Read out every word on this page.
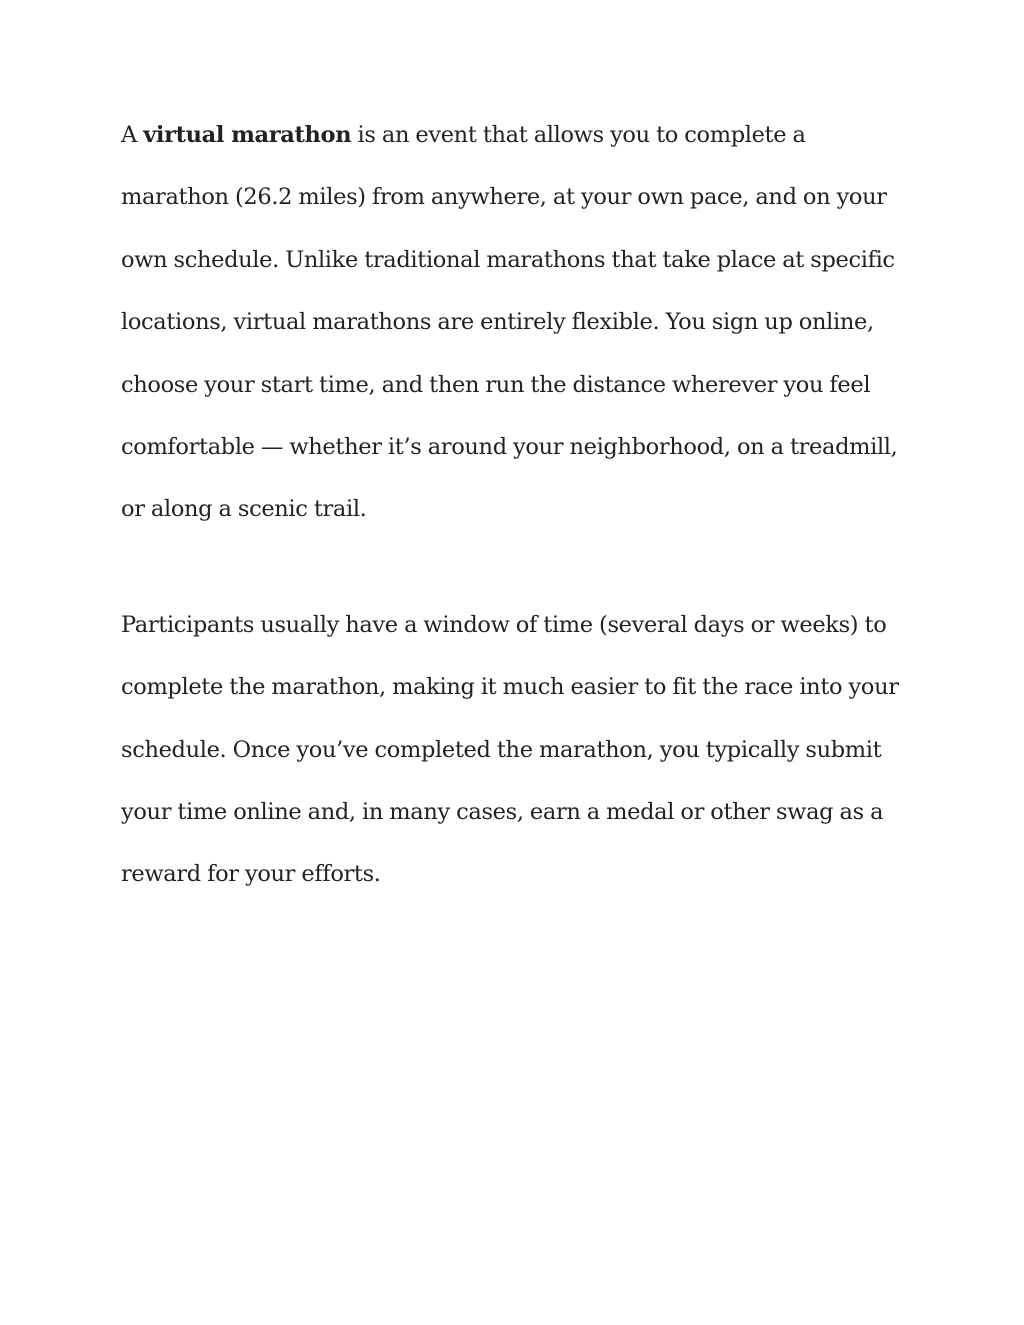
A virtual marathon is an event that allows you to complete a
marathon (26.2 miles) from anywhere, at your own pace, and on your
own schedule. Unlike traditional marathons that take place at specific
locations, virtual marathons are entirely flexible. You sign up online,
choose your start time, and then run the distance wherever you feel
comfortable — whether it’s around your neighborhood, on a treadmill,
or along a scenic trail.
Participants usually have a window of time (several days or weeks) to
complete the marathon, making it much easier to fit the race into your
schedule. Once you’ve completed the marathon, you typically submit
your time online and, in many cases, earn a medal or other swag as a
reward for your efforts.
